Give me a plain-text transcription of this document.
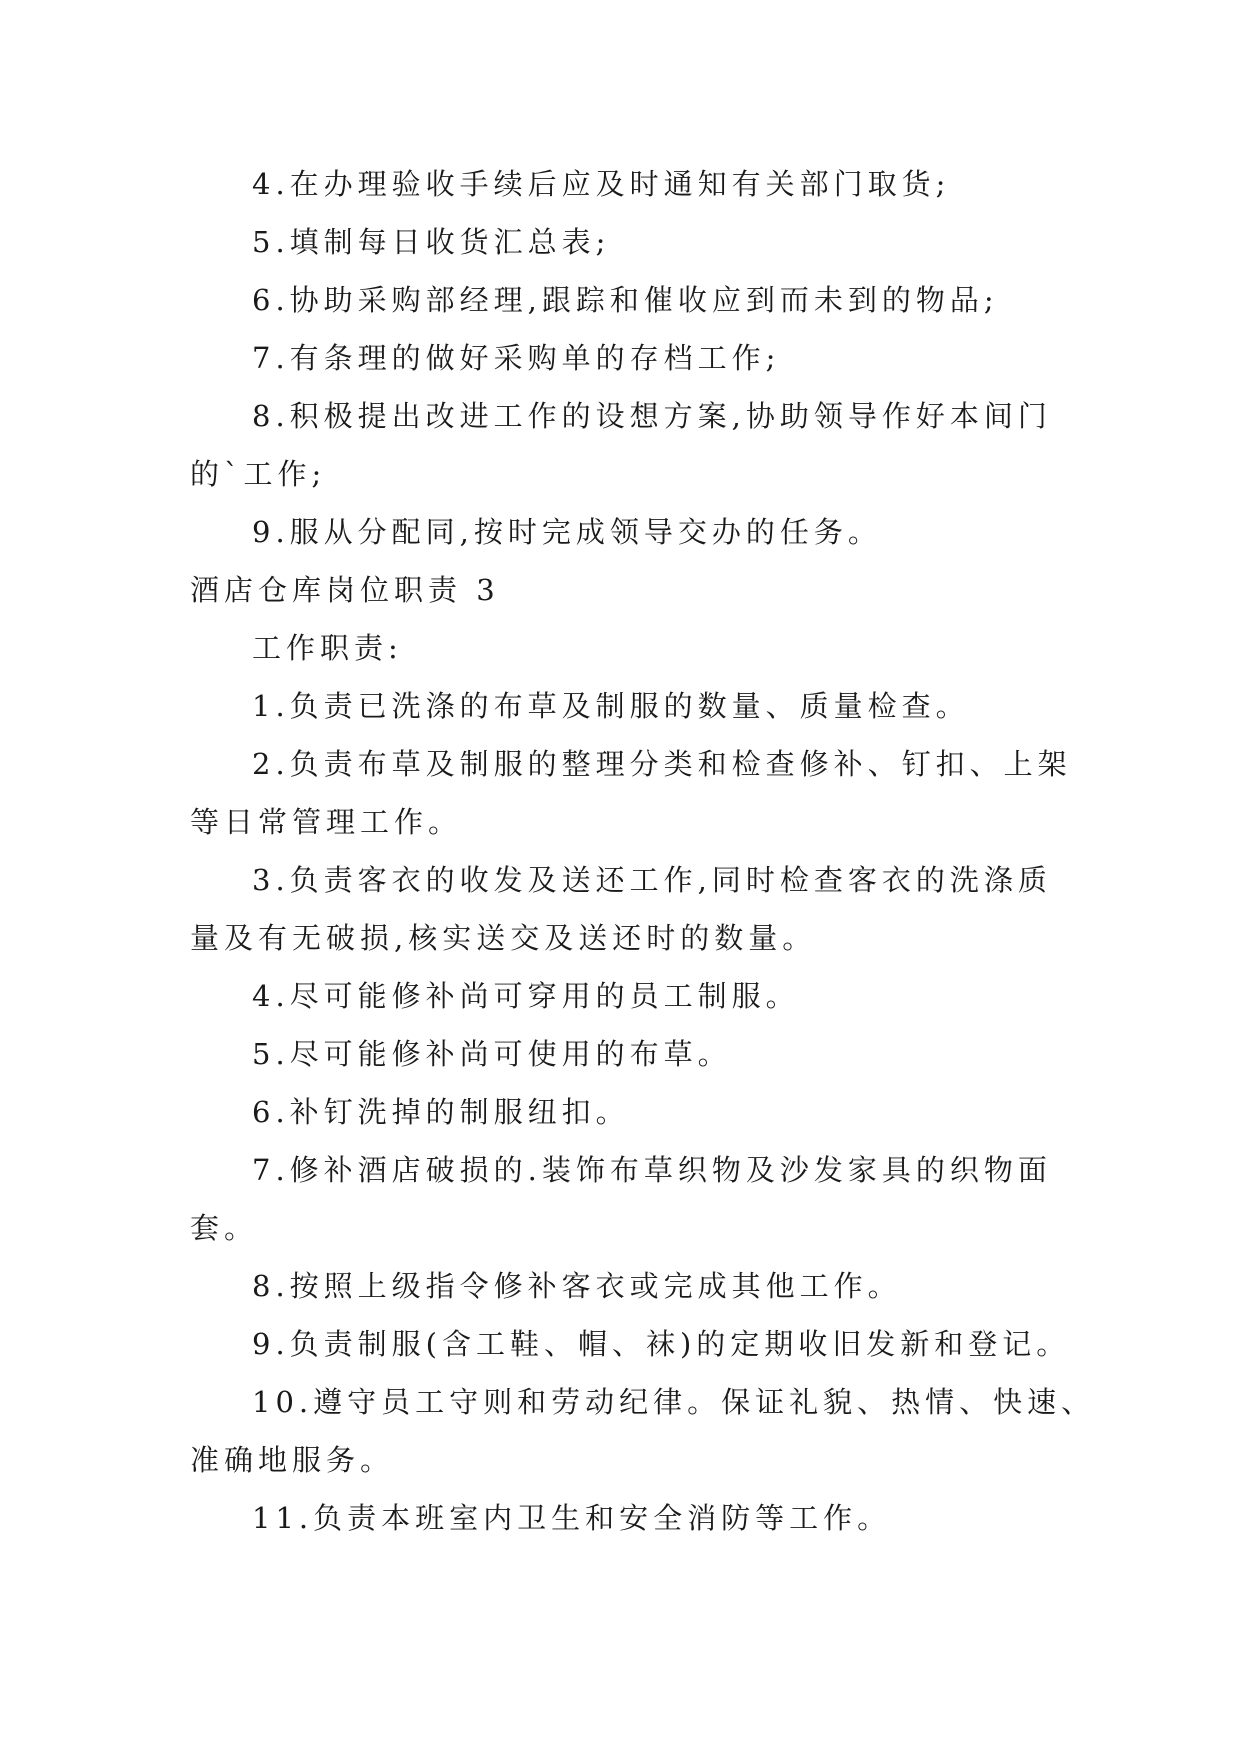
4.在办理验收手续后应及时通知有关部门取货;
5.填制每日收货汇总表;
6.协助采购部经理,跟踪和催收应到而未到的物品;
7.有条理的做好采购单的存档工作;
8.积极提出改进工作的设想方案,协助领导作好本间门
的`工作;
9.服从分配同,按时完成领导交办的任务。
酒店仓库岗位职责 3
工作职责:
1.负责已洗涤的布草及制服的数量、质量检查。
2.负责布草及制服的整理分类和检查修补、钉扣、上架
等日常管理工作。
3.负责客衣的收发及送还工作,同时检查客衣的洗涤质
量及有无破损,核实送交及送还时的数量。
4.尽可能修补尚可穿用的员工制服。
5.尽可能修补尚可使用的布草。
6.补钉洗掉的制服纽扣。
7.修补酒店破损的.装饰布草织物及沙发家具的织物面
套。
8.按照上级指令修补客衣或完成其他工作。
9.负责制服(含工鞋、帽、袜)的定期收旧发新和登记。
10.遵守员工守则和劳动纪律。保证礼貌、热情、快速、
准确地服务。
11.负责本班室内卫生和安全消防等工作。
